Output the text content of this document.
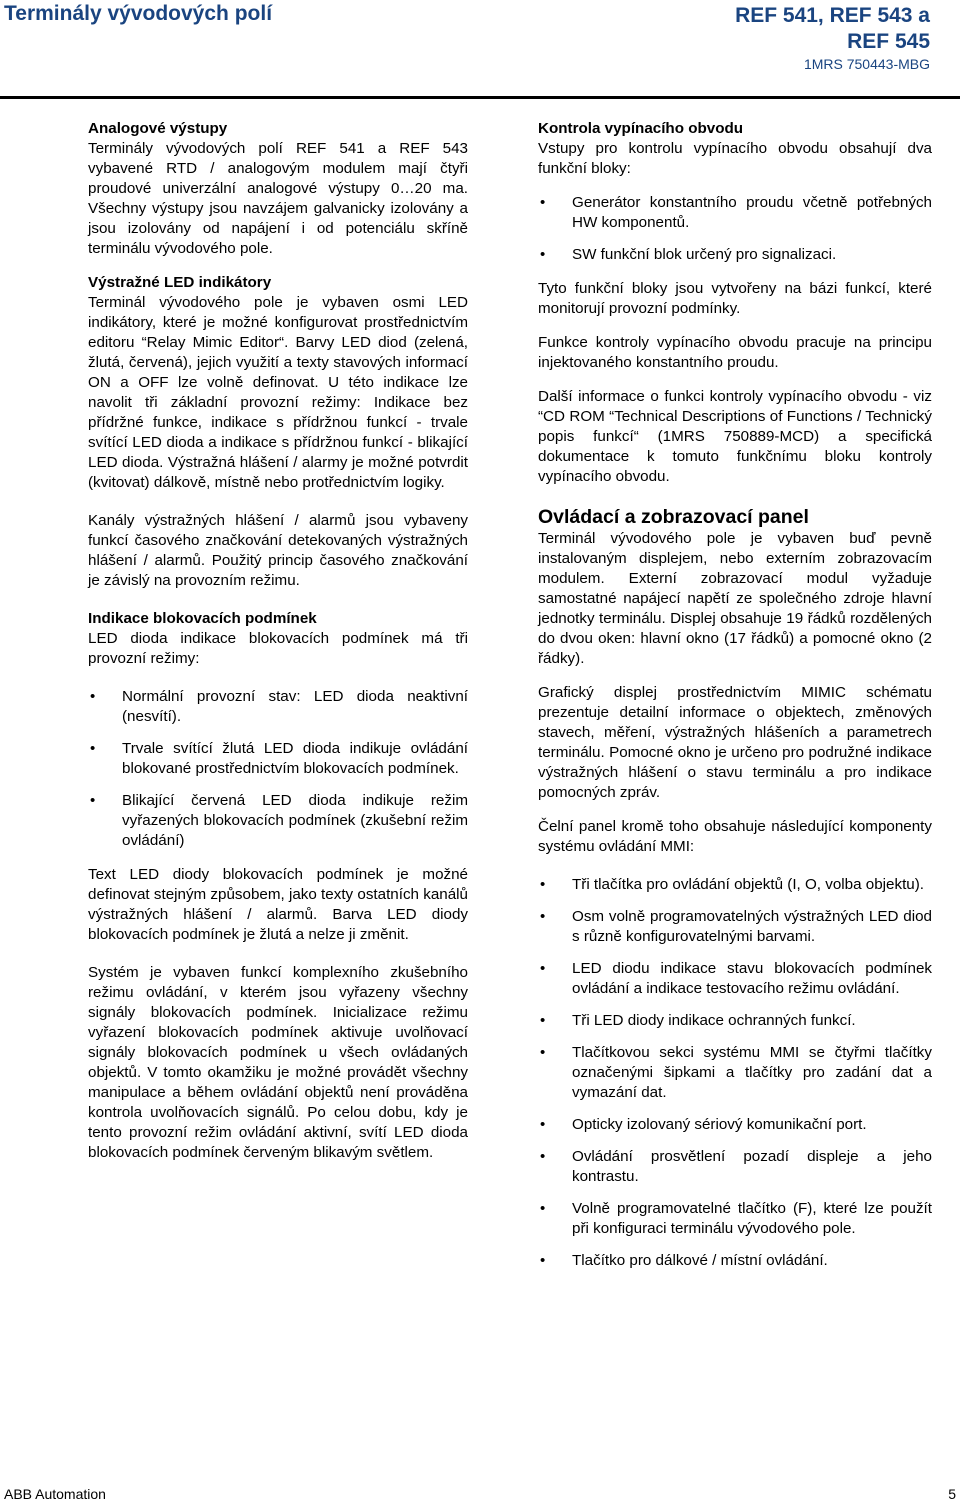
Terminály vývodových polí	REF 541, REF 543 a
REF 545
1MRS 750443-MBG
Analogové výstupy

Terminály vývodových polí REF 541 a REF 543 vybavené RTD / analogovým modulem mají čtyři proudové univerzální analogové výstupy 0…20 ma. Všechny výstupy jsou navzájem galvanicky izolovány a jsou izolovány od napájení i od potenciálu skříně terminálu vývodového pole.

Výstražné LED indikátory

Terminál vývodového pole je vybaven osmi LED indikátory, které je možné konfigurovat prostřednictvím editoru “Relay Mimic Editor“. Barvy LED diod (zelená, žlutá, červená), jejich využití a texty stavových informací ON a OFF lze volně definovat. U této indikace lze navolit tři základní provozní režimy: Indikace bez přídržné funkce, indikace s přídržnou funkcí - trvale svítící LED dioda a indikace s přídržnou funkcí - blikající LED dioda. Výstražná hlášení / alarmy je možné potvrdit (kvitovat) dálkově, místně nebo protřednictvím logiky.

Kanály výstražných hlášení / alarmů jsou vybaveny funkcí časového značkování detekovaných výstražných hlášení / alarmů. Použitý princip časového značkování je závislý na provozním režimu.

Indikace blokovacích podmínek

LED dioda indikace blokovacích podmínek má tři provozní režimy:

• Normální provozní stav: LED dioda neaktivní (nesvítí).
• Trvale svítící žlutá LED dioda indikuje ovládání blokované prostřednictvím blokovacích podmínek.
• Blikající červená LED dioda indikuje režim vyřazených blokovacích podmínek (zkušební režim ovládání)

Text LED diody blokovacích podmínek je možné definovat stejným způsobem, jako texty ostatních kanálů výstražných hlášení / alarmů. Barva LED diody blokovacích podmínek je žlutá a nelze ji změnit.

Systém je vybaven funkcí komplexního zkušebního režimu ovládání, v kterém jsou vyřazeny všechny signály blokovacích podmínek. Inicializace režimu vyřazení blokovacích podmínek aktivuje uvolňovací signály blokovacích podmínek u všech ovládaných objektů. V tomto okamžiku je možné provádět všechny manipulace a během ovládání objektů není prováděna kontrola uvolňovacích signálů. Po celou dobu, kdy je tento provozní režim ovládání aktivní, svítí LED dioda blokovacích podmínek červeným blikavým světlem.

Kontrola vypínacího obvodu

Vstupy pro kontrolu vypínacího obvodu obsahují dva funkční bloky:

• Generátor konstantního proudu včetně potřebných HW komponentů.
• SW funkční blok určený pro signalizaci.

Tyto funkční bloky jsou vytvořeny na bázi funkcí, které monitorují provozní podmínky.

Funkce kontroly vypínacího obvodu pracuje na principu injektovaného konstantního proudu.

Další informace o funkci kontroly vypínacího obvodu - viz “CD ROM “Technical Descriptions of Functions / Technický popis funkcí“ (1MRS 750889-MCD) a specifická dokumentace k tomuto funkčnímu bloku kontroly vypínacího obvodu.

Ovládací a zobrazovací panel

Terminál vývodového pole je vybaven buď pevně instalovaným displejem, nebo externím zobrazovacím modulem. Externí zobrazovací modul vyžaduje samostatné napájecí napětí ze společného zdroje hlavní jednotky terminálu. Displej obsahuje 19 řádků rozdělených do dvou oken: hlavní okno (17 řádků) a pomocné okno (2 řádky).

Grafický displej prostřednictvím MIMIC schématu prezentuje detailní informace o objektech, změnových stavech, měření, výstražných hlášeních a parametrech terminálu. Pomocné okno je určeno pro podružné indikace výstražných hlášení o stavu terminálu a pro indikace pomocných zpráv.

Čelní panel kromě toho obsahuje následující komponenty systému ovládání MMI:

• Tři tlačítka pro ovládání objektů (I, O, volba objektu).
• Osm volně programovatelných výstražných LED diod s různě konfigurovatelnými barvami.
• LED diodu indikace stavu blokovacích podmínek ovládání a indikace testovacího režimu ovládání.
• Tři LED diody indikace ochranných funkcí.
• Tlačítkovou sekci systému MMI se čtyřmi tlačítky označenými šipkami a tlačítky pro zadání dat a vymazání dat.
• Opticky izolovaný sériový komunikační port.
• Ovládání prosvětlení pozadí displeje a jeho kontrastu.
• Volně programovatelné tlačítko (F), které lze použít při konfiguraci terminálu vývodového pole.
• Tlačítko pro dálkové / místní ovládání.
ABB Automation	5
